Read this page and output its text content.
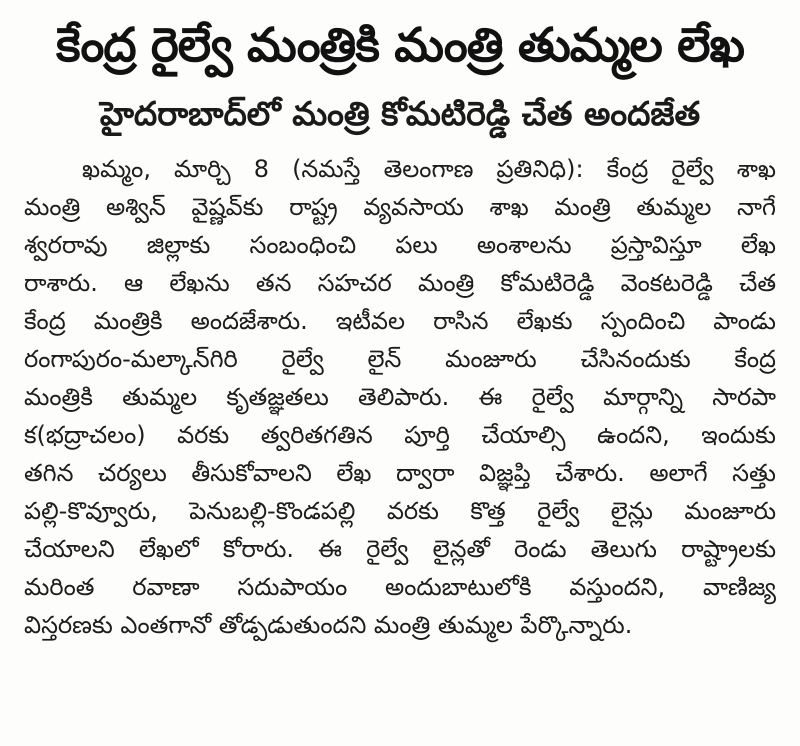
కేంద్ర రైల్వే మంత్రికి మంత్రి తుమ్మల లేఖ
హైదరాబాద్‌లో మంత్రి కోమటిరెడ్డి చేత అందజేత
ఖమ్మం, మార్చి 8 (నమస్తే తెలంగాణ ప్రతినిధి): కేంద్ర రైల్వే శాఖ
మంత్రి అశ్విన్ వైష్ణవ్‌కు రాష్ట్ర వ్యవసాయ శాఖ మంత్రి తుమ్మల నాగే
శ్వరరావు జిల్లాకు సంబంధించి పలు అంశాలను ప్రస్తావిస్తూ లేఖ
రాశారు. ఆ లేఖను తన సహచర మంత్రి కోమటిరెడ్డి వెంకటరెడ్డి చేత
కేంద్ర మంత్రికి అందజేశారు. ఇటీవల రాసిన లేఖకు స్పందించి పాండు
రంగాపురం-మల్కాన్‌గిరి రైల్వే లైన్ మంజూరు చేసినందుకు కేంద్ర
మంత్రికి తుమ్మల కృతజ్ఞతలు తెలిపారు. ఈ రైల్వే మార్గాన్ని సారపా
క(భద్రాచలం) వరకు త్వరితగతిన పూర్తి చేయాల్సి ఉందని, ఇందుకు
తగిన చర్యలు తీసుకోవాలని లేఖ ద్వారా విజ్ఞప్తి చేశారు. అలాగే సత్తు
పల్లి-కొవ్వూరు, పెనుబల్లి-కొండపల్లి వరకు కొత్త రైల్వే లైన్లు మంజూరు
చేయాలని లేఖలో కోరారు. ఈ రైల్వే లైన్లతో రెండు తెలుగు రాష్ట్రాలకు
మరింత రవాణా సదుపాయం అందుబాటులోకి వస్తుందని, వాణిజ్య
విస్తరణకు ఎంతగానో తోడ్పడుతుందని మంత్రి తుమ్మల పేర్కొన్నారు.
